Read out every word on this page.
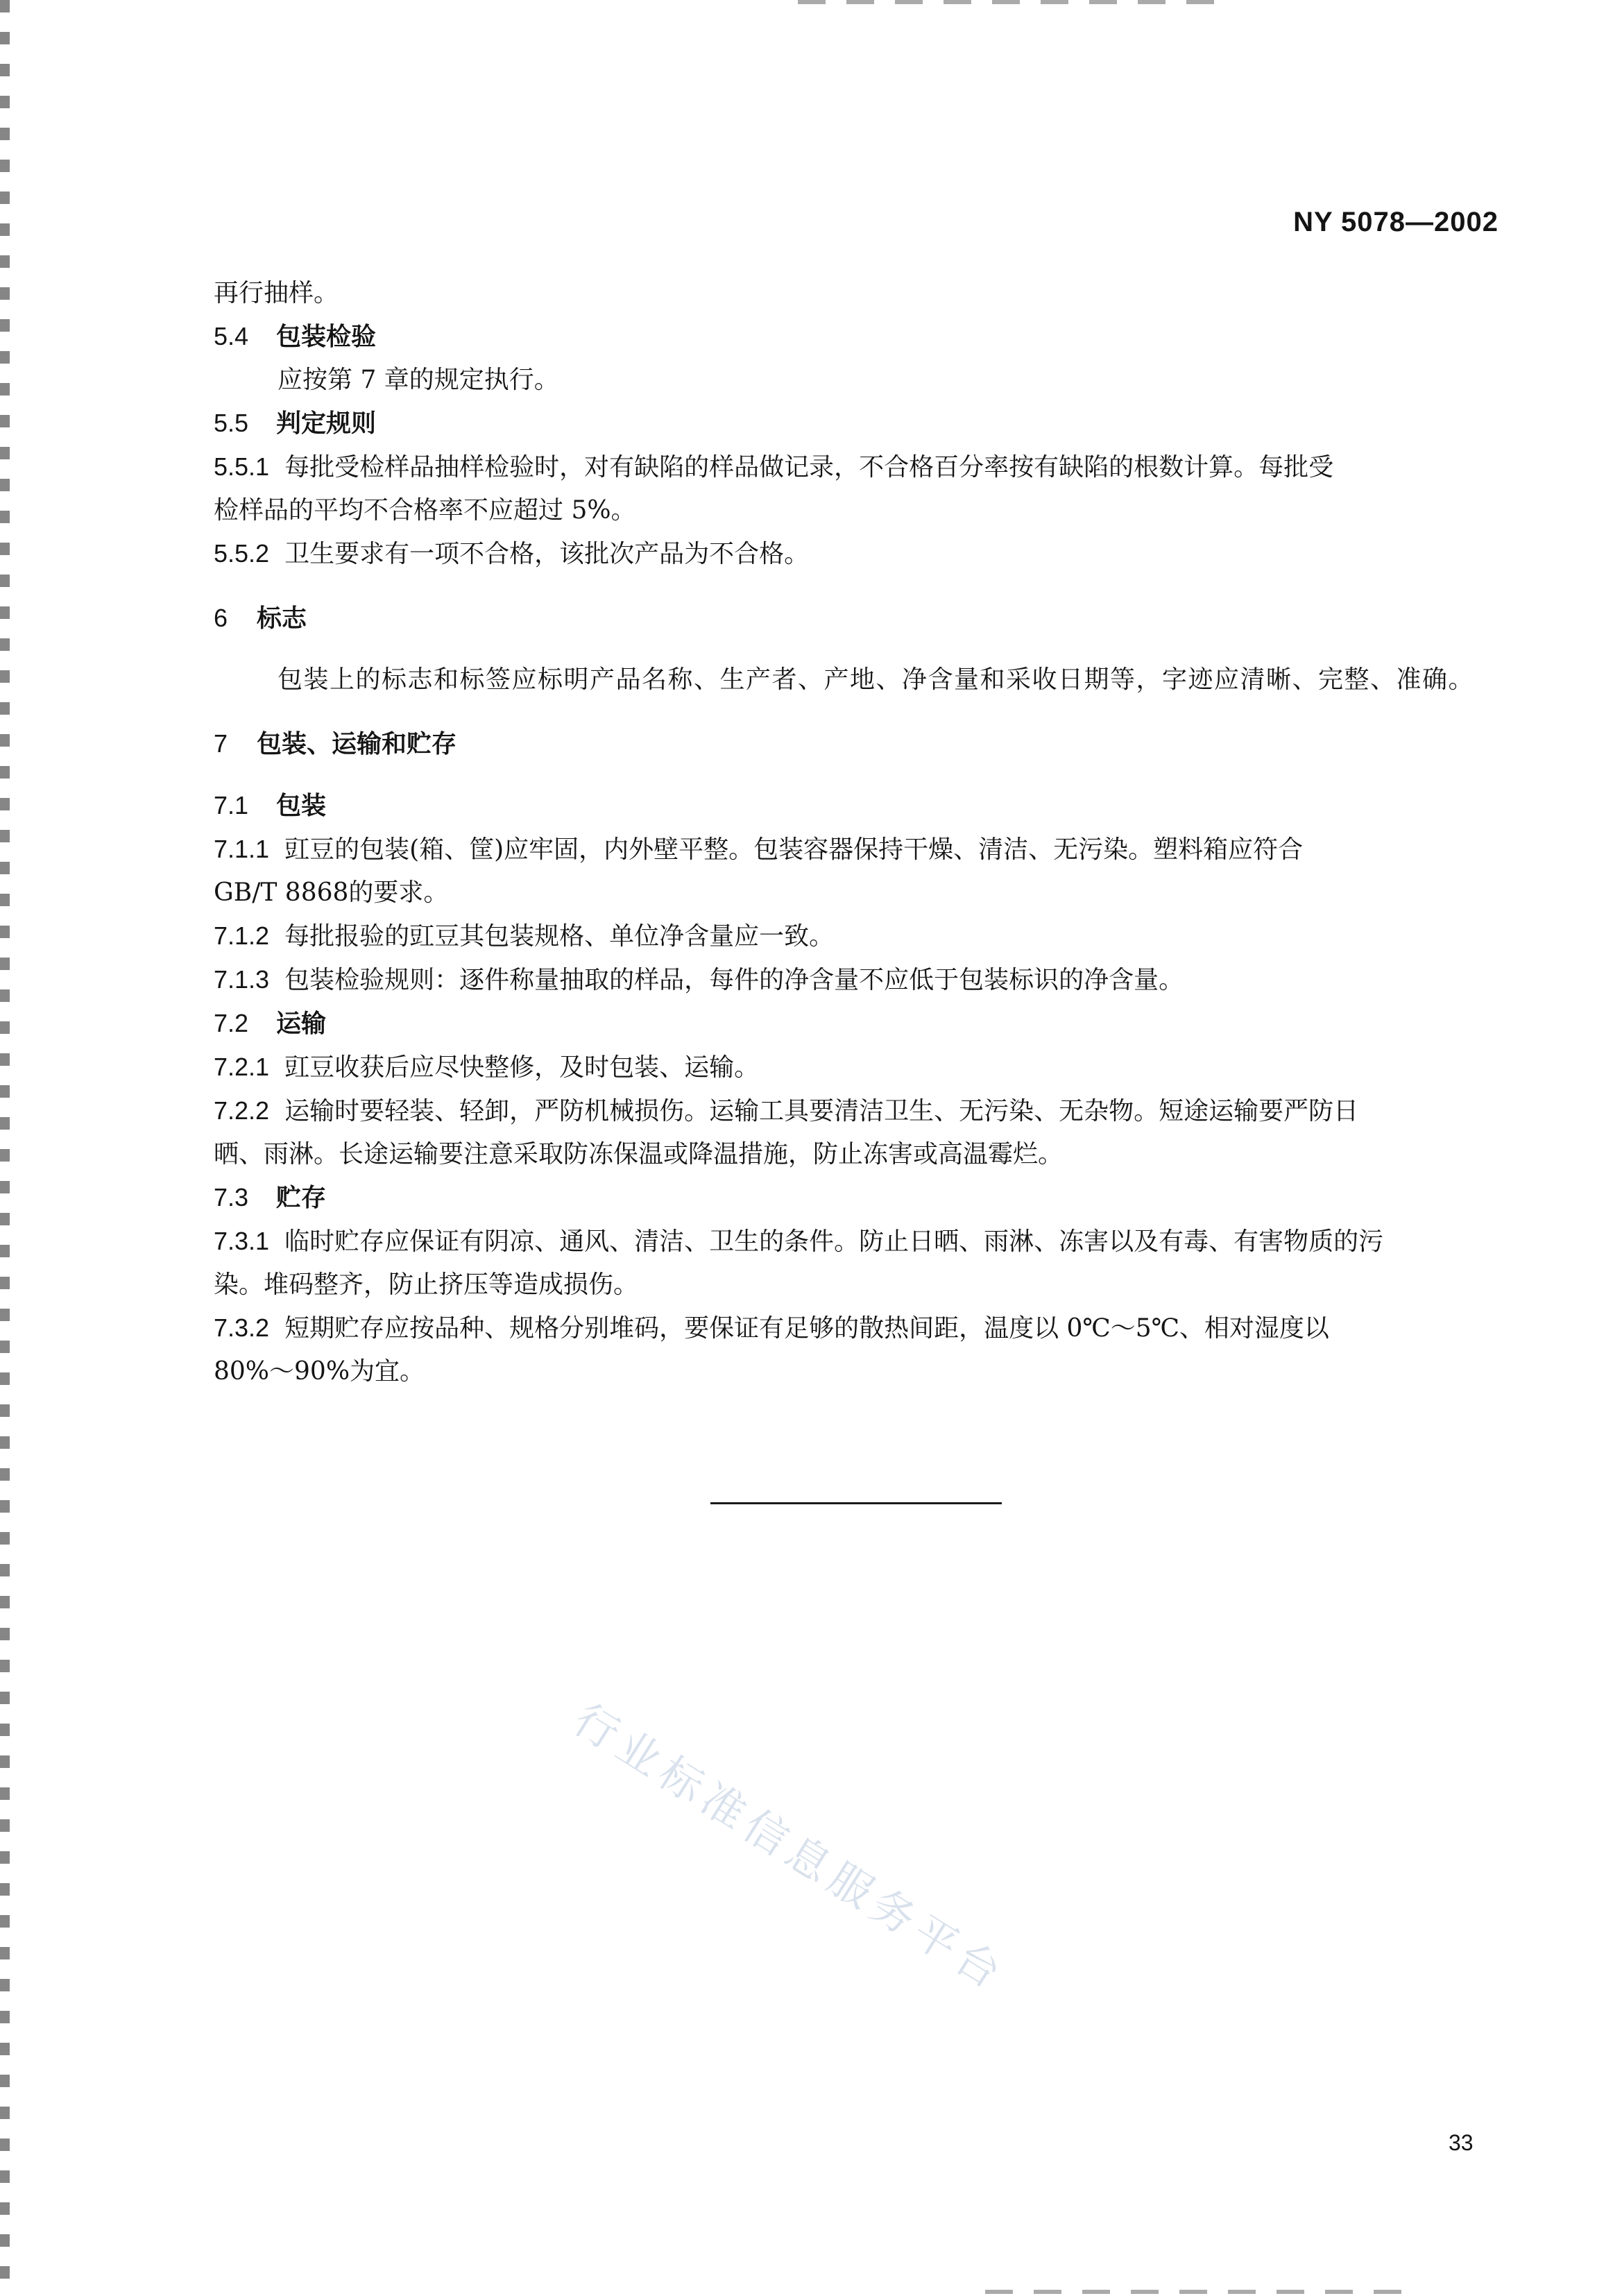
NY 5078—2002
再行抽样。
5.4 包装检验
应按第 7 章的规定执行。
5.5 判定规则
5.5.1 每批受检样品抽样检验时，对有缺陷的样品做记录，不合格百分率按有缺陷的根数计算。每批受
检样品的平均不合格率不应超过 5%。
5.5.2 卫生要求有一项不合格，该批次产品为不合格。
6 标志
包装上的标志和标签应标明产品名称、生产者、产地、净含量和采收日期等，字迹应清晰、完整、准确。
7 包装、运输和贮存
7.1 包装
7.1.1 豇豆的包装(箱、筐)应牢固，内外壁平整。包装容器保持干燥、清洁、无污染。塑料箱应符合
GB/T 8868的要求。
7.1.2 每批报验的豇豆其包装规格、单位净含量应一致。
7.1.3 包装检验规则：逐件称量抽取的样品，每件的净含量不应低于包装标识的净含量。
7.2 运输
7.2.1 豇豆收获后应尽快整修，及时包装、运输。
7.2.2 运输时要轻装、轻卸，严防机械损伤。运输工具要清洁卫生、无污染、无杂物。短途运输要严防日
晒、雨淋。长途运输要注意采取防冻保温或降温措施，防止冻害或高温霉烂。
7.3 贮存
7.3.1 临时贮存应保证有阴凉、通风、清洁、卫生的条件。防止日晒、雨淋、冻害以及有毒、有害物质的污
染。堆码整齐，防止挤压等造成损伤。
7.3.2 短期贮存应按品种、规格分别堆码，要保证有足够的散热间距，温度以 0℃～5℃、相对湿度以
80%～90%为宜。
行业标准信息服务平台
33
